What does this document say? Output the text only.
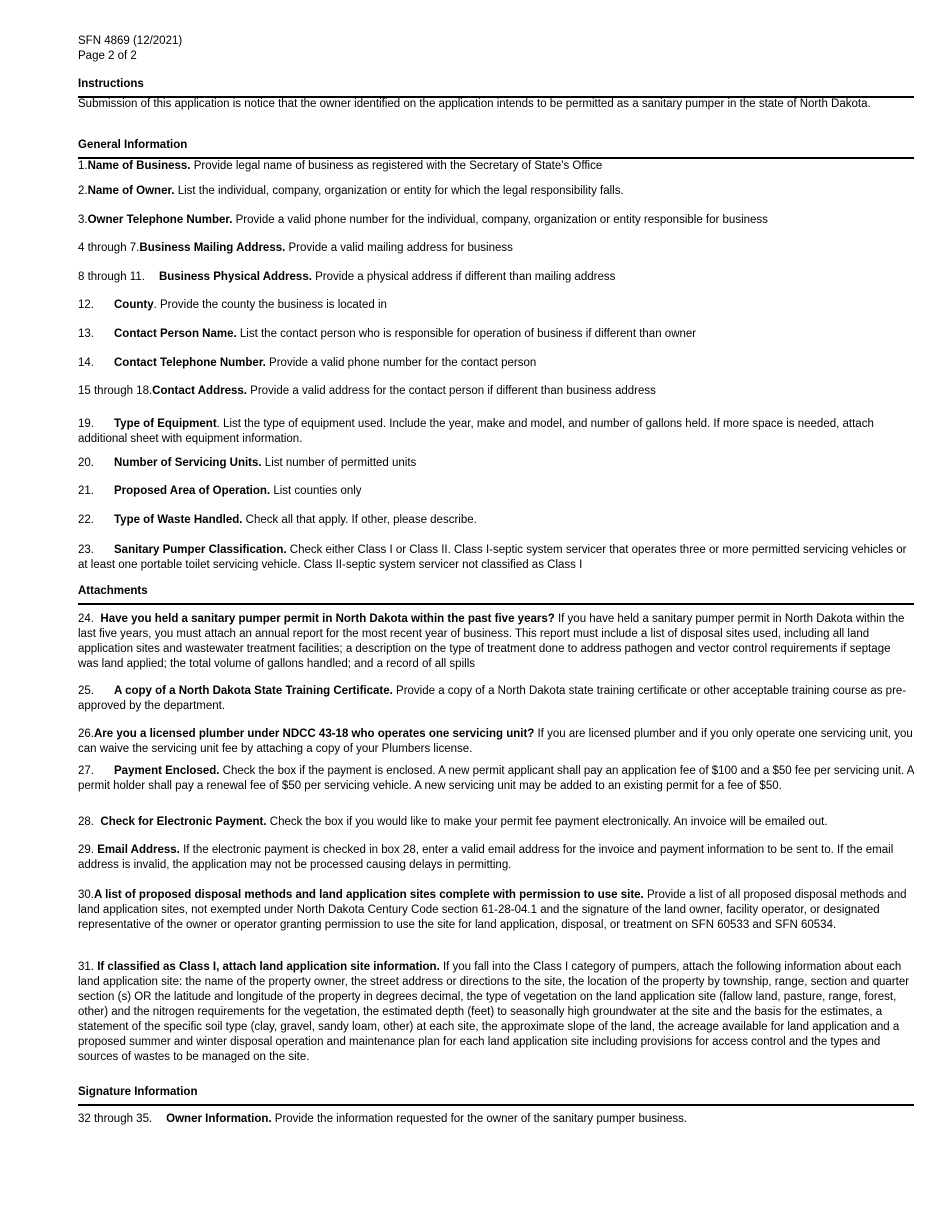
SFN 4869 (12/2021)
Page 2 of 2
Instructions

Submission of this application is notice that the owner identified on the application intends to be permitted as a sanitary pumper in the state of North Dakota.

General Information

1.Name of Business. Provide legal name of business as registered with the Secretary of State's Office

2.Name of Owner. List the individual, company, organization or entity for which the legal responsibility falls.

3.Owner Telephone Number. Provide a valid phone number for the individual, company, organization or entity responsible for business

4 through 7.Business Mailing Address. Provide a valid mailing address for business

8 through 11. Business Physical Address. Provide a physical address if different than mailing address

12. County. Provide the county the business is located in

13. Contact Person Name. List the contact person who is responsible for operation of business if different than owner

14. Contact Telephone Number. Provide a valid phone number for the contact person

15 through 18.Contact Address. Provide a valid address for the contact person if different than business address

19. Type of Equipment. List the type of equipment used. Include the year, make and model, and number of gallons held. If more space is needed, attach additional sheet with equipment information.

20. Number of Servicing Units. List number of permitted units

21. Proposed Area of Operation. List counties only

22. Type of Waste Handled. Check all that apply. If other, please describe.

23. Sanitary Pumper Classification. Check either Class I or Class II. Class I-septic system servicer that operates three or more permitted servicing vehicles or at least one portable toilet servicing vehicle. Class II-septic system servicer not classified as Class I

Attachments

24. Have you held a sanitary pumper permit in North Dakota within the past five years? If you have held a sanitary pumper permit in North Dakota within the last five years, you must attach an annual report for the most recent year of business. This report must include a list of disposal sites used, including all land application sites and wastewater treatment facilities; a description on the type of treatment done to address pathogen and vector control requirements if septage was land applied; the total volume of gallons handled; and a record of all spills

25. A copy of a North Dakota State Training Certificate. Provide a copy of a North Dakota state training certificate or other acceptable training course as pre-approved by the department.

26.Are you a licensed plumber under NDCC 43-18 who operates one servicing unit? If you are licensed plumber and if you only operate one servicing unit, you can waive the servicing unit fee by attaching a copy of your Plumbers license.

27. Payment Enclosed. Check the box if the payment is enclosed. A new permit applicant shall pay an application fee of $100 and a $50 fee per servicing unit. A permit holder shall pay a renewal fee of $50 per servicing vehicle. A new servicing unit may be added to an existing permit for a fee of $50.

28. Check for Electronic Payment. Check the box if you would like to make your permit fee payment electronically. An invoice will be emailed out.

29. Email Address. If the electronic payment is checked in box 28, enter a valid email address for the invoice and payment information to be sent to. If the email address is invalid, the application may not be processed causing delays in permitting.

30.A list of proposed disposal methods and land application sites complete with permission to use site. Provide a list of all proposed disposal methods and land application sites, not exempted under North Dakota Century Code section 61-28-04.1 and the signature of the land owner, facility operator, or designated representative of the owner or operator granting permission to use the site for land application, disposal, or treatment on SFN 60533 and SFN 60534.

31. If classified as Class I, attach land application site information. If you fall into the Class I category of pumpers, attach the following information about each land application site: the name of the property owner, the street address or directions to the site, the location of the property by township, range, section and quarter section (s) OR the latitude and longitude of the property in degrees decimal, the type of vegetation on the land application site (fallow land, pasture, range, forest, other) and the nitrogen requirements for the vegetation, the estimated depth (feet) to seasonally high groundwater at the site and the basis for the estimates, a statement of the specific soil type (clay, gravel, sandy loam, other) at each site, the approximate slope of the land, the acreage available for land application and a proposed summer and winter disposal operation and maintenance plan for each land application site including provisions for access control and the types and sources of wastes to be managed on the site.

Signature Information

32 through 35. Owner Information. Provide the information requested for the owner of the sanitary pumper business.
